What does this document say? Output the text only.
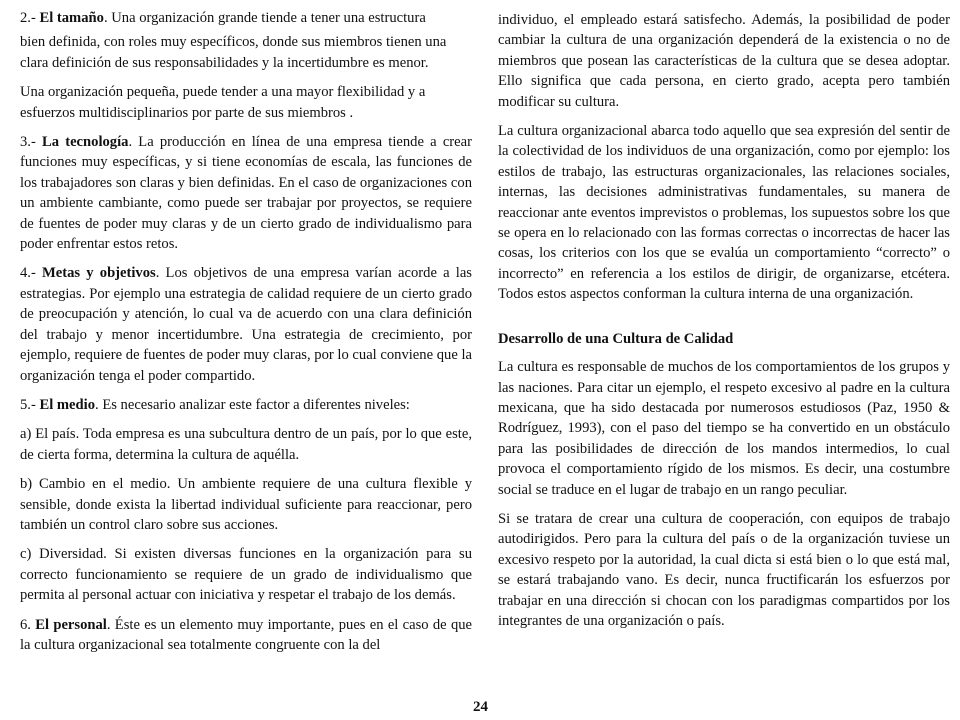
2.- El tamaño. Una organización grande tiende a tener una estructura

bien definida, con roles muy específicos, donde sus miembros tienen una clara definición de sus responsabilidades y la incertidumbre es menor.

Una organización pequeña, puede tender a una mayor flexibilidad y a esfuerzos multidisciplinarios por parte de sus miembros .

3.- La tecnología. La producción en línea de una empresa tiende a crear funciones muy específicas, y si tiene economías de escala, las funciones de los trabajadores son claras y bien definidas. En el caso de organizaciones con un ambiente cambiante, como puede ser trabajar por proyectos, se requiere de fuentes de poder muy claras y de un cierto grado de individualismo para poder enfrentar estos retos.

4.- Metas y objetivos. Los objetivos de una empresa varían acorde a las estrategias. Por ejemplo una estrategia de calidad requiere de un cierto grado de preocupación y atención, lo cual va de acuerdo con una clara definición del trabajo y menor incertidumbre. Una estrategia de crecimiento, por ejemplo, requiere de fuentes de poder muy claras, por lo cual conviene que la organización tenga el poder compartido.

5.- El medio. Es necesario analizar este factor a diferentes niveles:

a) El país. Toda empresa es una subcultura dentro de un país, por lo que este, de cierta forma, determina la cultura de aquélla.

b) Cambio en el medio. Un ambiente requiere de una cultura flexible y sensible, donde exista la libertad individual suficiente para reaccionar, pero también un control claro sobre sus acciones.

c) Diversidad. Si existen diversas funciones en la organización para su correcto funcionamiento se requiere de un grado de individualismo que permita al personal actuar con iniciativa y respetar el trabajo de los demás.

6. El personal. Éste es un elemento muy importante, pues en el caso de que la cultura organizacional sea totalmente congruente con la del

individuo, el empleado estará satisfecho. Además, la posibilidad de poder cambiar la cultura de una organización dependerá de la existencia o no de miembros que posean las características de la cultura que se desea adoptar. Ello significa que cada persona, en cierto grado, acepta pero también modificar su cultura.

La cultura organizacional abarca todo aquello que sea expresión del sentir de la colectividad de los individuos de una organización, como por ejemplo: los estilos de trabajo, las estructuras organizacionales, las relaciones sociales, internas, las decisiones administrativas fundamentales, su manera de reaccionar ante eventos imprevistos o problemas, los supuestos sobre los que se opera en lo relacionado con las formas correctas o incorrectas de hacer las cosas, los criterios con los que se evalúa un comportamiento “correcto” o incorrecto” en referencia a los estilos de dirigir, de organizarse, etcétera. Todos estos aspectos conforman la cultura interna de una organización.

Desarrollo de una Cultura de Calidad

La cultura es responsable de muchos de los comportamientos de los grupos y las naciones. Para citar un ejemplo, el respeto excesivo al padre en la cultura mexicana, que ha sido destacada por numerosos estudiosos (Paz, 1950 & Rodríguez, 1993), con el paso del tiempo se ha convertido en un obstáculo para las posibilidades de dirección de los mandos intermedios, lo cual provoca el comportamiento rígido de los mismos. Es decir, una costumbre social se traduce en el lugar de trabajo en un rango peculiar.

Si se tratara de crear una cultura de cooperación, con equipos de trabajo autodirigidos. Pero para la cultura del país o de la organización tuviese un excesivo respeto por la autoridad, la cual dicta si está bien o lo que está mal, se estará trabajando vano. Es decir, nunca fructificarán los esfuerzos por trabajar en una dirección si chocan con los paradigmas compartidos por los integrantes de una organización o país.

24
